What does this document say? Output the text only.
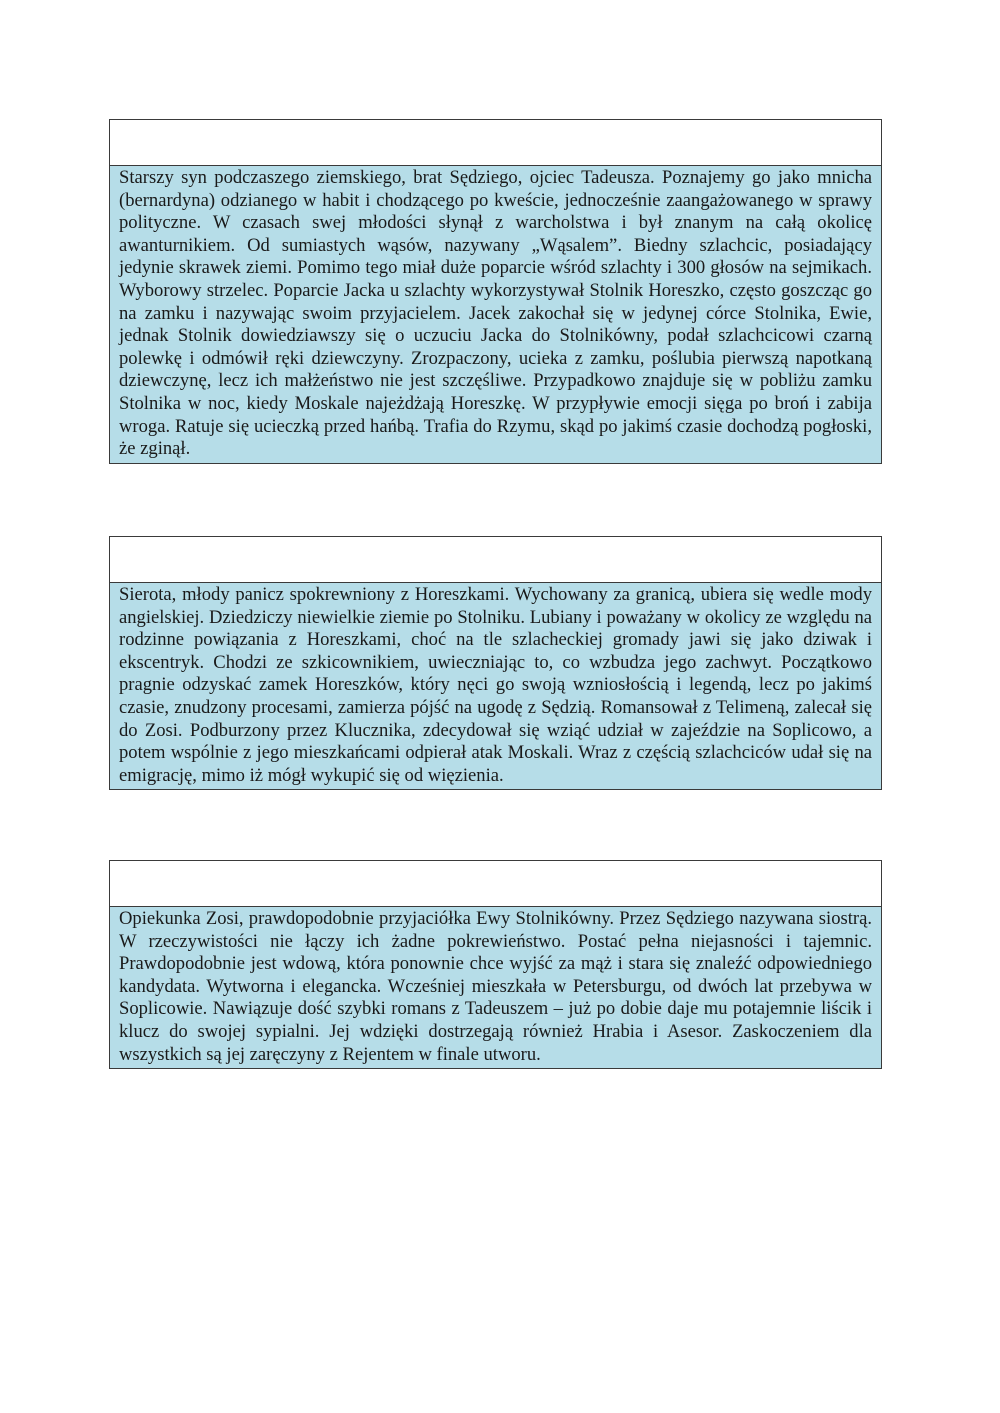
Starszy syn podczaszego ziemskiego, brat Sędziego, ojciec Tadeusza. Poznajemy go jako mnicha (bernardyna) odzianego w habit i chodzącego po kweście, jednocześnie zaangażowanego w sprawy polityczne. W czasach swej młodości słynął z warcholstwa i był znanym na całą okolicę awanturnikiem. Od sumiastych wąsów, nazywany „Wąsalem”. Biedny szlachcic, posiadający jedynie skrawek ziemi. Pomimo tego miał duże poparcie wśród szlachty i 300 głosów na sejmikach. Wyborowy strzelec. Poparcie Jacka u szlachty wykorzystywał Stolnik Horeszko, często goszcząc go na zamku i nazywając swoim przyjacielem. Jacek zakochał się w jedynej córce Stolnika, Ewie, jednak Stolnik dowiedziawszy się o uczuciu Jacka do Stolnikówny, podał szlachcicowi czarną polewkę i odmówił ręki dziewczyny. Zrozpaczony, ucieka z zamku, poślubia pierwszą napotkaną dziewczynę, lecz ich małżeństwo nie jest szczęśliwe. Przypadkowo znajduje się w pobliżu zamku Stolnika w noc, kiedy Moskale najeżdżają Horeszkę. W przypływie emocji sięga po broń i zabija wroga. Ratuje się ucieczką przed hańbą. Trafia do Rzymu, skąd po jakimś czasie dochodzą pogłoski, że zginął.
Sierota, młody panicz spokrewniony z Horeszkami. Wychowany za granicą, ubiera się wedle mody angielskiej. Dziedziczy niewielkie ziemie po Stolniku. Lubiany i poważany w okolicy ze względu na rodzinne powiązania z Horeszkami, choć na tle szlacheckiej gromady jawi się jako dziwak i ekscentryk. Chodzi ze szkicownikiem, uwieczniając to, co wzbudza jego zachwyt. Początkowo pragnie odzyskać zamek Horeszków, który nęci go swoją wzniosłością i legendą, lecz po jakimś czasie, znudzony procesami, zamierza pójść na ugodę z Sędzią. Romansował z Telimeną, zalecał się do Zosi. Podburzony przez Klucznika, zdecydował się wziąć udział w zajeździe na Soplicowo, a potem wspólnie z jego mieszkańcami odpierał atak Moskali. Wraz z częścią szlachciców udał się na emigrację, mimo iż mógł wykupić się od więzienia.
Opiekunka Zosi, prawdopodobnie przyjaciółka Ewy Stolnikówny. Przez Sędziego nazywana siostrą. W rzeczywistości nie łączy ich żadne pokrewieństwo. Postać pełna niejasności i tajemnic. Prawdopodobnie jest wdową, która ponownie chce wyjść za mąż i stara się znaleźć odpowiedniego kandydata. Wytworna i elegancka. Wcześniej mieszkała w Petersburgu, od dwóch lat przebywa w Soplicowie. Nawiązuje dość szybki romans z Tadeuszem – już po dobie daje mu potajemnie liścik i klucz do swojej sypialni. Jej wdzięki dostrzegają również Hrabia i Asesor. Zaskoczeniem dla wszystkich są jej zaręczyny z Rejentem w finale utworu.
